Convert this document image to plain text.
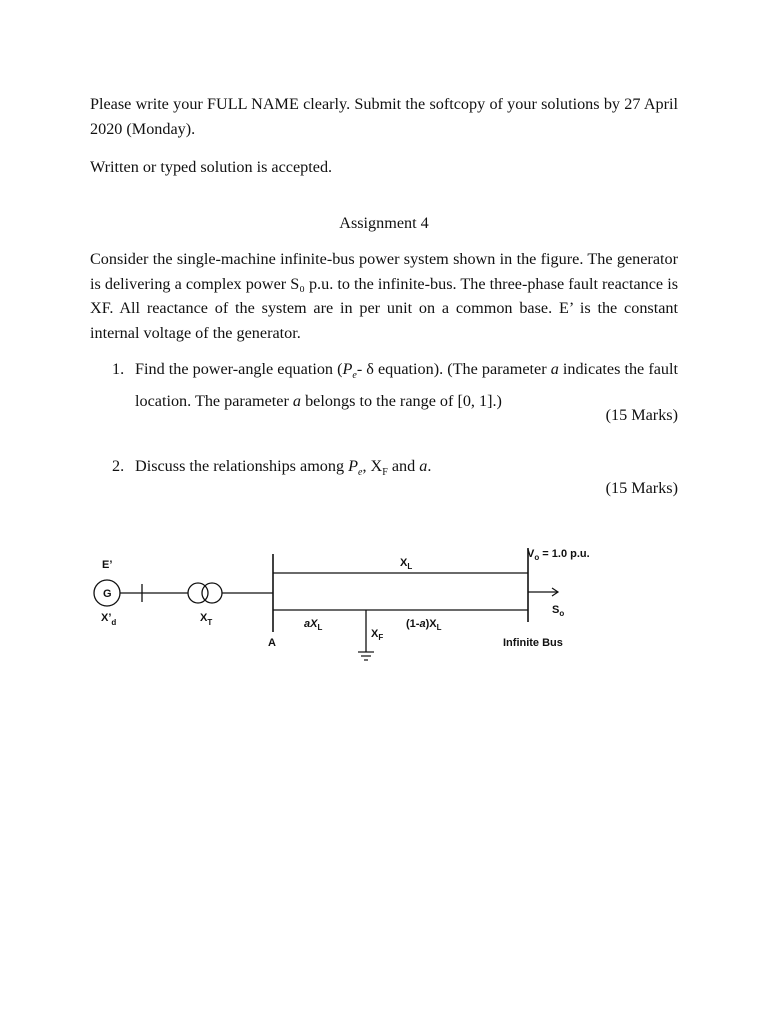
Please write your FULL NAME clearly. Submit the softcopy of your solutions by 27 April 2020 (Monday).

Written or typed solution is accepted.

Assignment 4

Consider the single-machine infinite-bus power system shown in the figure. The generator is delivering a complex power S₀ p.u. to the infinite-bus. The three-phase fault reactance is XF. All reactance of the system are in per unit on a common base. E’ is the constant internal voltage of the generator.

1. Find the power-angle equation ($P_e-$ δ equation). (The parameter a indicates the fault location. The parameter a belongs to the range of [0, 1].)
(15 Marks)
2. Discuss the relationships among $P_e$, $X_F$ and a.
(15 Marks)
E’
G
$X’_d$	$X_T$
A
$X_L$
$aX_L$	$(1-a)X_L$
$X_F$
$V_o = 1.0$ p.u.
$S_o$
Infinite Bus
